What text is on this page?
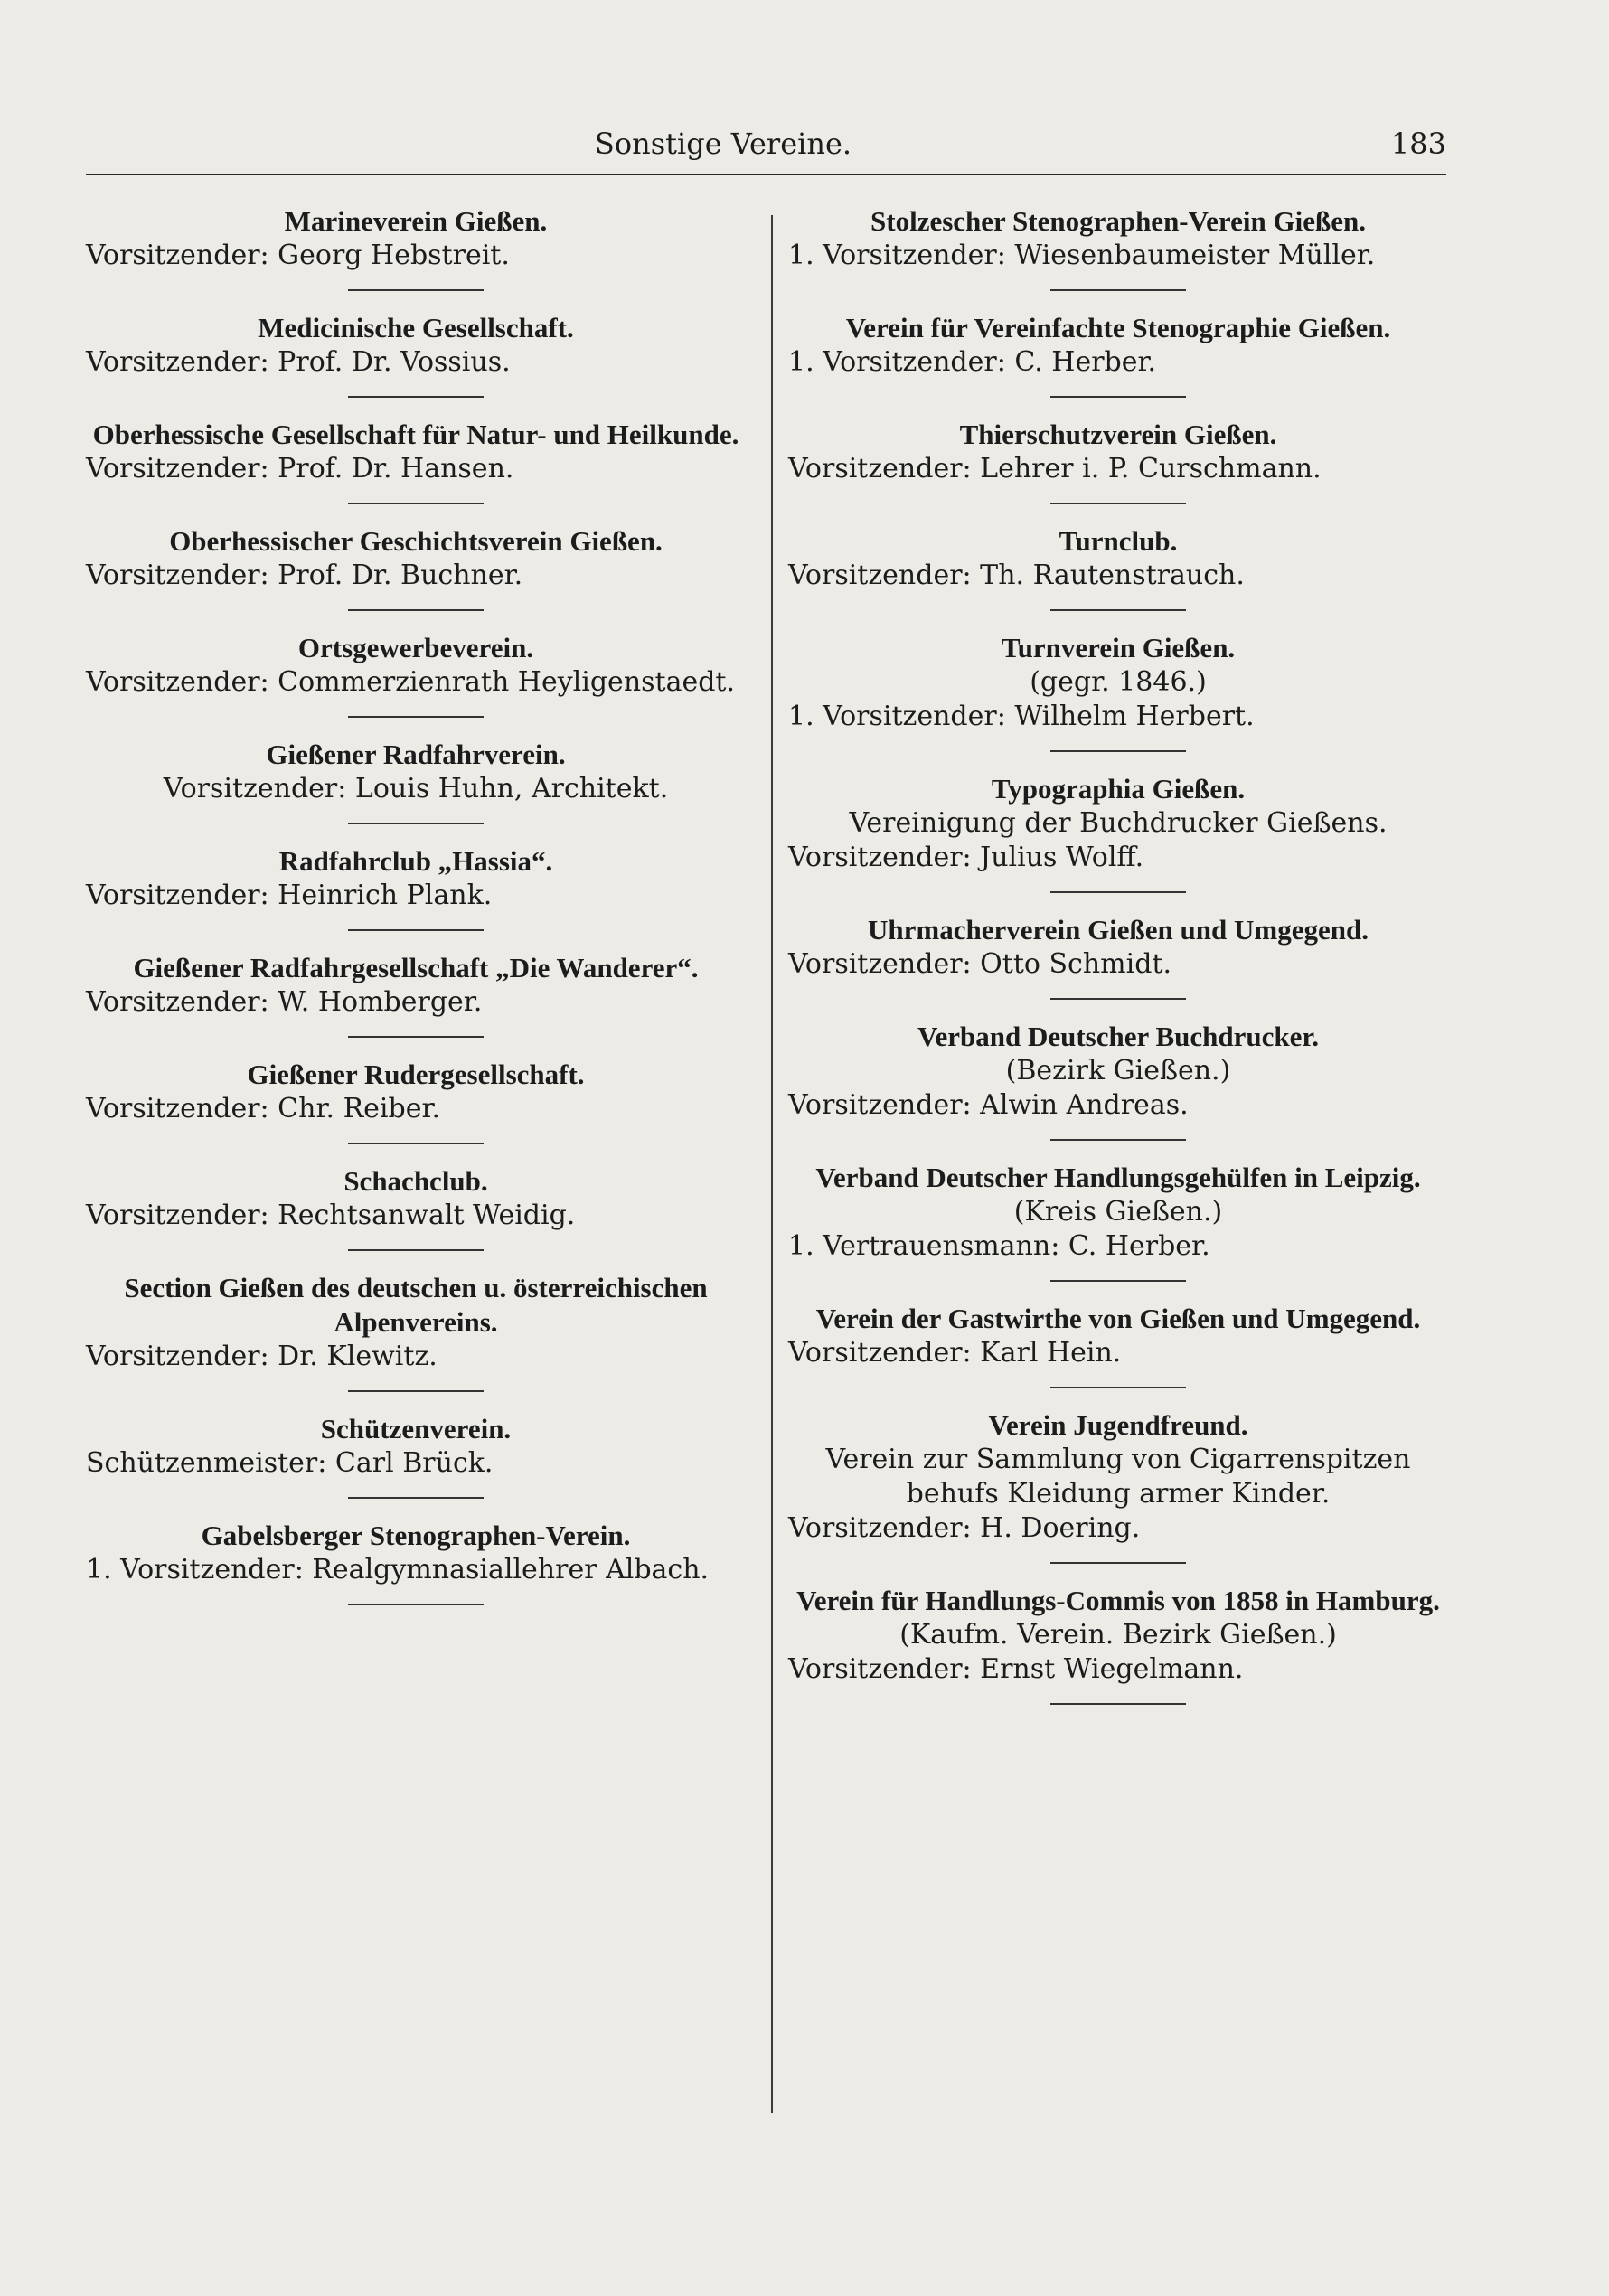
Sonstige Vereine.	183
Marineverein Gießen.
Vorsitzender: Georg Hebstreit.
Medicinische Gesellschaft.
Vorsitzender: Prof. Dr. Vossius.
Oberhessische Gesellschaft für Natur- und Heilkunde.
Vorsitzender: Prof. Dr. Hansen.
Oberhessischer Geschichtsverein Gießen.
Vorsitzender: Prof. Dr. Buchner.
Ortsgewerbeverein.
Vorsitzender: Commerzienrath Heyligenstaedt.
Gießener Radfahrverein.
Vorsitzender: Louis Huhn, Architekt.
Radfahrclub „Hassia“.
Vorsitzender: Heinrich Plank.
Gießener Radfahrgesellschaft „Die Wanderer“.
Vorsitzender: W. Homberger.
Gießener Rudergesellschaft.
Vorsitzender: Chr. Reiber.
Schachclub.
Vorsitzender: Rechtsanwalt Weidig.
Section Gießen des deutschen u. österreichischen Alpenvereins.
Vorsitzender: Dr. Klewitz.
Schützenverein.
Schützenmeister: Carl Brück.
Gabelsberger Stenographen-Verein.
1. Vorsitzender: Realgymnasiallehrer Albach.
Stolzescher Stenographen-Verein Gießen.
1. Vorsitzender: Wiesenbaumeister Müller.
Verein für Vereinfachte Stenographie Gießen.
1. Vorsitzender: C. Herber.
Thierschutzverein Gießen.
Vorsitzender: Lehrer i. P. Curschmann.
Turnclub.
Vorsitzender: Th. Rautenstrauch.
Turnverein Gießen.
(gegr. 1846.)
1. Vorsitzender: Wilhelm Herbert.
Typographia Gießen.
Vereinigung der Buchdrucker Gießens.
Vorsitzender: Julius Wolff.
Uhrmacherverein Gießen und Umgegend.
Vorsitzender: Otto Schmidt.
Verband Deutscher Buchdrucker.
(Bezirk Gießen.)
Vorsitzender: Alwin Andreas.
Verband Deutscher Handlungsgehülfen in Leipzig.
(Kreis Gießen.)
1. Vertrauensmann: C. Herber.
Verein der Gastwirthe von Gießen und Umgegend.
Vorsitzender: Karl Hein.
Verein Jugendfreund.
Verein zur Sammlung von Cigarrenspitzen behufs Kleidung armer Kinder.
Vorsitzender: H. Doering.
Verein für Handlungs-Commis von 1858 in Hamburg.
(Kaufm. Verein. Bezirk Gießen.)
Vorsitzender: Ernst Wiegelmann.
